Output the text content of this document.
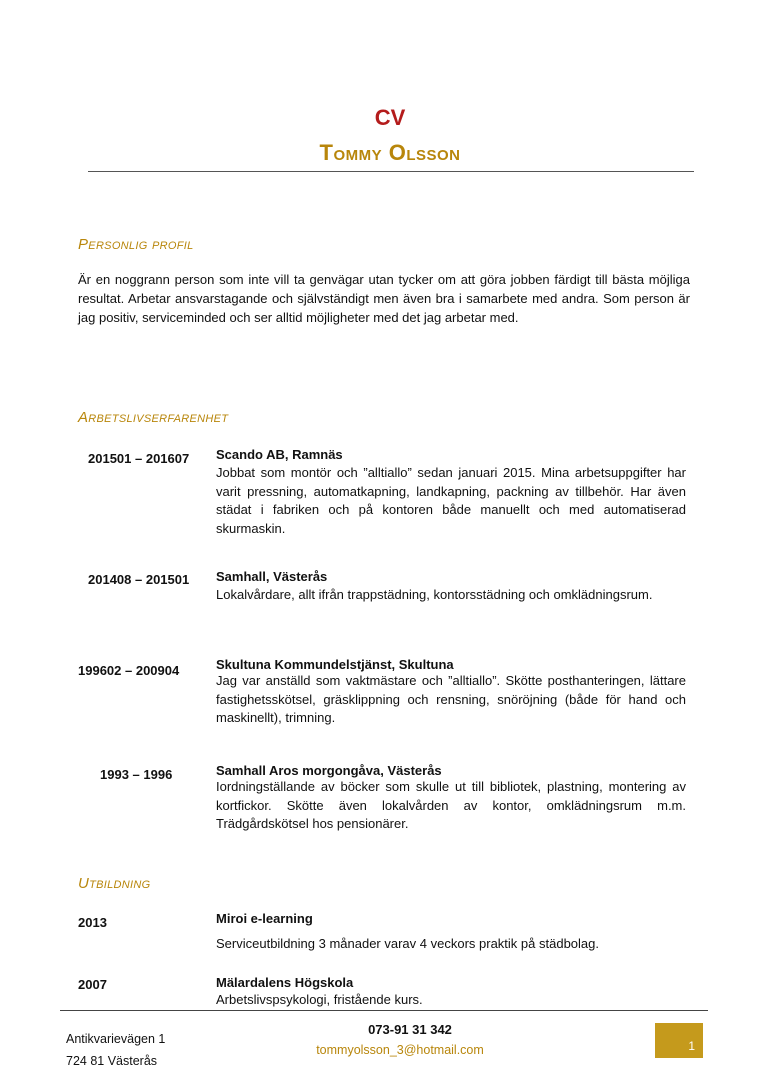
CV
Tommy Olsson
Personlig profil
Är en noggrann person som inte vill ta genvägar utan tycker om att göra jobben färdigt till bästa möjliga resultat. Arbetar ansvarstagande och självständigt men även bra i samarbete med andra. Som person är jag positiv, serviceminded och ser alltid möjligheter med det jag arbetar med.
Arbetslivserfarenhet
201501 – 201607 Scando AB, Ramnäs
Jobbat som montör och ”alltiallo” sedan januari 2015. Mina arbetsuppgifter har varit pressning, automatkapning, landkapning, packning av tillbehör. Har även städat i fabriken och på kontoren både manuellt och med automatiserad skurmaskin.
201408 – 201501 Samhall, Västerås
Lokalvårdare, allt ifrån trappstädning, kontorsstädning och omklädningsrum.
199602 – 200904	Skultuna Kommundelstjänst, Skultuna
Jag var anställd som vaktmästare och ”alltiallo”. Skötte posthanteringen, lättare fastighetsskötsel, gräsklippning och rensning, snöröjning (både för hand och maskinellt), trimning.
1993 – 1996	Samhall Aros morgongåva, Västerås
Iordningställande av böcker som skulle ut till bibliotek, plastning, montering av kortfickor. Skötte även lokalvården av kontor, omklädningsrum m.m. Trädgårdskötsel hos pensionärer.
Utbildning
2013	Miroi e-learning
Serviceutbildning 3 månader varav 4 veckors praktik på städbolag.
2007	Mälardalens Högskola
Arbetslivspsykologi, fristående kurs.
Antikvarievägen 1
724 81 Västerås
073-91 31 342
tommyolsson_3@hotmail.com	1
